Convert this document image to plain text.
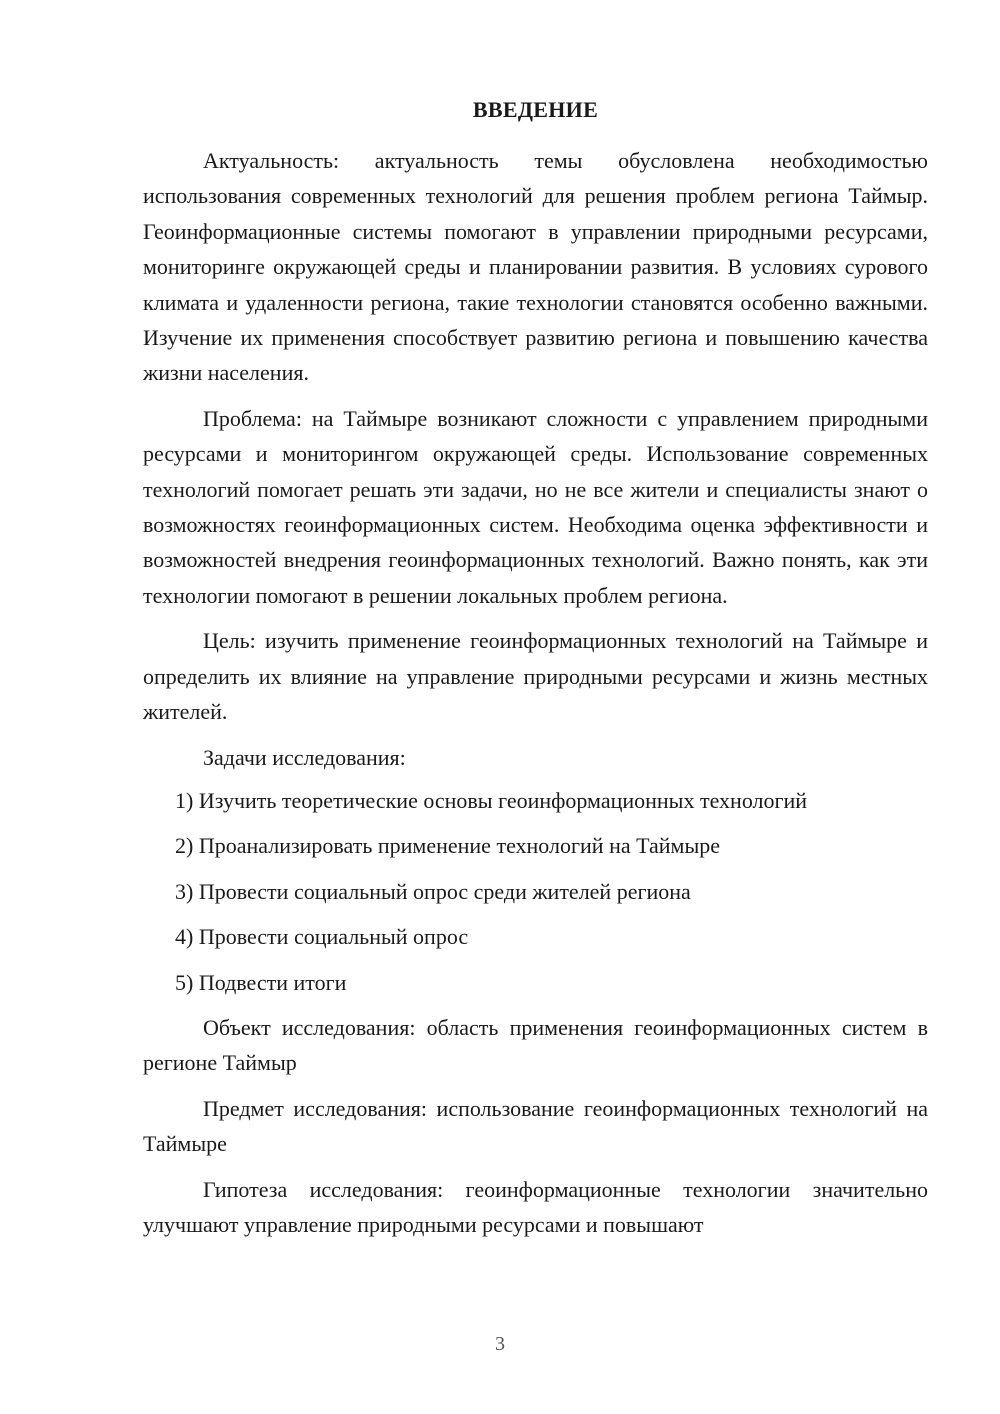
ВВЕДЕНИЕ

Актуальность: актуальность темы обусловлена необходимостью использования современных технологий для решения проблем региона Таймыр. Геоинформационные системы помогают в управлении природными ресурсами, мониторинге окружающей среды и планировании развития. В условиях сурового климата и удаленности региона, такие технологии становятся особенно важными. Изучение их применения способствует развитию региона и повышению качества жизни населения.

Проблема: на Таймыре возникают сложности с управлением природными ресурсами и мониторингом окружающей среды. Использование современных технологий помогает решать эти задачи, но не все жители и специалисты знают о возможностях геоинформационных систем. Необходима оценка эффективности и возможностей внедрения геоинформационных технологий. Важно понять, как эти технологии помогают в решении локальных проблем региона.

Цель: изучить применение геоинформационных технологий на Таймыре и определить их влияние на управление природными ресурсами и жизнь местных жителей.

Задачи исследования:

1) Изучить теоретические основы геоинформационных технологий
2) Проанализировать применение технологий на Таймыре
3) Провести социальный опрос среди жителей региона
4) Провести социальный опрос
5) Подвести итоги

Объект исследования: область применения геоинформационных систем в регионе Таймыр

Предмет исследования: использование геоинформационных технологий на Таймыре

Гипотеза исследования: геоинформационные технологии значительно улучшают управление природными ресурсами и повышают

3
